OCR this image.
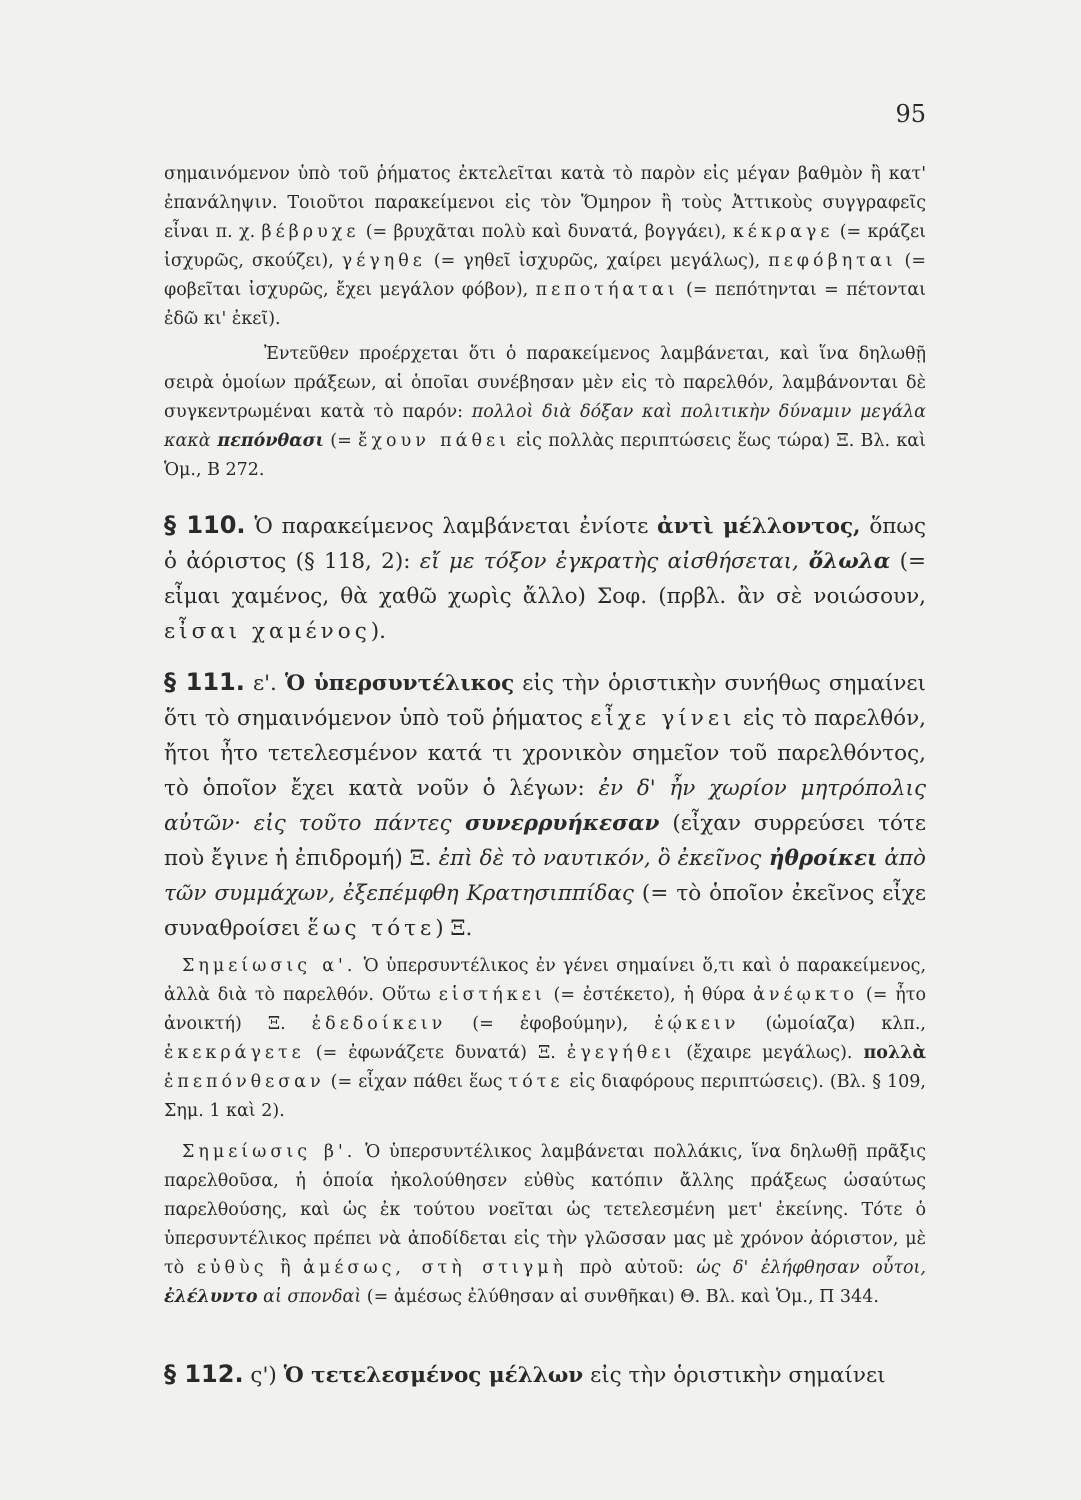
95

σημαινόμενον ὑπὸ τοῦ ῥήματος ἐκτελεῖται κατὰ τὸ παρὸν εἰς μέγαν βαθμὸν ἢ κατ' ἐπανάληψιν. Τοιοῦτοι παρακείμενοι εἰς τὸν Ὅμηρον ἢ τοὺς Ἀττικοὺς συγγραφεῖς εἶναι π. χ. βέβρυχε (= βρυχᾶται πολὺ καὶ δυνατά, βογγάει), κέκραγε (= κράζει ἰσχυρῶς, σκούζει), γέγηθε (= γηθεῖ ἰσχυρῶς, χαίρει μεγάλως), πεφόβηται (= φοβεῖται ἰσχυρῶς, ἔχει μεγάλον φόβον), πεποτήαται (= πεπότηνται = πέτονται ἐδῶ κι' ἐκεῖ).

Ἐντεῦθεν προέρχεται ὅτι ὁ παρακείμενος λαμβάνεται, καὶ ἵνα δηλωθῇ σειρὰ ὁμοίων πράξεων, αἱ ὁποῖαι συνέβησαν μὲν εἰς τὸ παρελθόν, λαμβάνονται δὲ συγκεντρωμέναι κατὰ τὸ παρόν: πολλοὶ διὰ δόξαν καὶ πολιτικὴν δύναμιν μεγάλα κακὰ πεπόνθασι (= ἔχουν πάθει εἰς πολλὰς περιπτώσεις ἕως τώρα) Ξ. Βλ. καὶ Ὁμ., Β 272.

§ 110. Ὁ παρακείμενος λαμβάνεται ἐνίοτε ἀντὶ μέλλοντος, ὅπως ὁ ἀόριστος (§ 118, 2): εἴ με τόξον ἐγκρατὴς αἰσθήσεται, ὄλωλα (= εἶμαι χαμένος, θὰ χαθῶ χωρὶς ἄλλο) Σοφ. (πρβλ. ἂν σὲ νοιώσουν, εἶσαι χαμένος).

§ 111. ε'. Ὁ ὑπερσυντέλικος εἰς τὴν ὁριστικὴν συνήθως σημαίνει ὅτι τὸ σημαινόμενον ὑπὸ τοῦ ῥήματος εἶχε γίνει εἰς τὸ παρελθόν, ἤτοι ἦτο τετελεσμένον κατά τι χρονικὸν σημεῖον τοῦ παρελθόντος, τὸ ὁποῖον ἔχει κατὰ νοῦν ὁ λέγων: ἐν δ' ἦν χωρίον μητρόπολις αὐτῶν· εἰς τοῦτο πάντες συνερρυήκεσαν (εἶχαν συρρεύσει τότε ποὺ ἔγινε ἡ ἐπιδρομή) Ξ. ἐπὶ δὲ τὸ ναυτικόν, ὃ ἐκεῖνος ἠθροίκει ἀπὸ τῶν συμμάχων, ἐξεπέμφθη Κρατησιππίδας (= τὸ ὁποῖον ἐκεῖνος εἶχε συναθροίσει ἕως τότε) Ξ.

Σημείωσις α'. Ὁ ὑπερσυντέλικος ἐν γένει σημαίνει ὅ,τι καὶ ὁ παρακείμενος, ἀλλὰ διὰ τὸ παρελθόν. Οὕτω εἱστήκει (= ἐστέκετο), ἡ θύρα ἀνέῳκτο (= ἦτο ἀνοικτή) Ξ. ἐδεδοίκειν (= ἐφοβούμην), ἐῴκειν (ὡμοίαζα) κλπ., ἐκεκράγετε (= ἐφωνάζετε δυνατά) Ξ. ἐγεγήθει (ἔχαιρε μεγάλως). πολλὰ ἐπεπόνθεσαν (= εἶχαν πάθει ἕως τότε εἰς διαφόρους περιπτώσεις). (Βλ. § 109, Σημ. 1 καὶ 2).

Σημείωσις β'. Ὁ ὑπερσυντέλικος λαμβάνεται πολλάκις, ἵνα δηλωθῇ πρᾶξις παρελθοῦσα, ἡ ὁποία ἠκολούθησεν εὐθὺς κατόπιν ἄλλης πράξεως ὡσαύτως παρελθούσης, καὶ ὡς ἐκ τούτου νοεῖται ὡς τετελεσμένη μετ' ἐκείνης. Τότε ὁ ὑπερσυντέλικος πρέπει νὰ ἀποδίδεται εἰς τὴν γλῶσσαν μας μὲ χρόνον ἀόριστον, μὲ τὸ εὐθὺς ἢ ἀμέσως, στὴ στιγμὴ πρὸ αὐτοῦ: ὡς δ' ἐλήφθησαν οὗτοι, ἐλέλυντο αἱ σπονδαὶ (= ἀμέσως ἐλύθησαν αἱ συνθῆκαι) Θ. Βλ. καὶ Ὁμ., Π 344.

§ 112. ς') Ὁ τετελεσμένος μέλλων εἰς τὴν ὁριστικὴν σημαίνει
